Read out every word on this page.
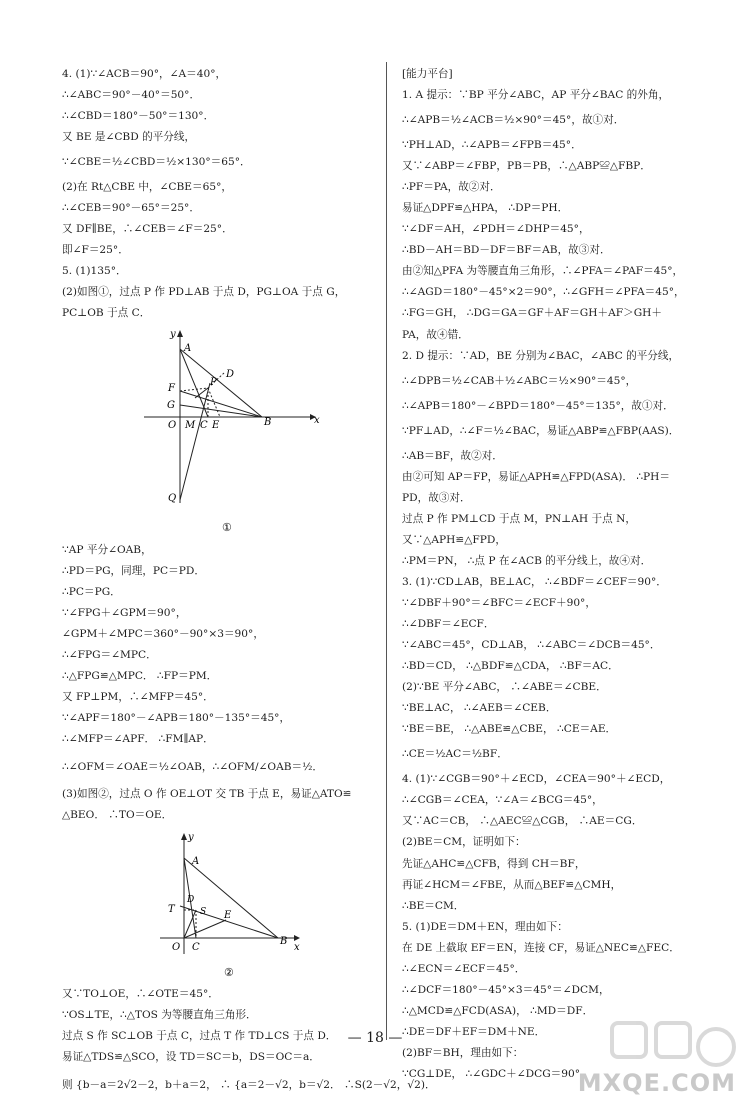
4. (1)∵∠ACB＝90°，∠A＝40°，
∴∠ABC＝90°－40°＝50°．
∴∠CBD＝180°－50°＝130°．
又 BE 是∠CBD 的平分线，
∵∠CBE＝½∠CBD＝½×130°＝65°．
(2)在 Rt△CBE 中，∠CBE＝65°，
∴∠CEB＝90°－65°＝25°．
又 DF∥BE，∴∠CEB＝∠F＝25°．
即∠F＝25°．
5. (1)135°．
(2)如图①，过点 P 作 PD⊥AB 于点 D，PG⊥OA 于点 G，
PC⊥OB 于点 C．
y
A
D
F
P
G
O M C E	B	x
Q
①
∵AP 平分∠OAB，
∴PD＝PG，同理，PC＝PD．
∴PC＝PG．
∵∠FPG＋∠GPM＝90°，
∠GPM＋∠MPC＝360°－90°×3＝90°，
∴∠FPG＝∠MPC．
∴△FPG≌△MPC． ∴FP＝PM．
又 FP⊥PM，∴∠MFP＝45°．
∵∠APF＝180°－∠APB＝180°－135°＝45°，
∴∠MFP＝∠APF． ∴FM∥AP．
∴∠OFM＝∠OAE＝½∠OAB，∴∠OFM/∠OAB＝½．
(3)如图②，过点 O 作 OE⊥OT 交 TB 于点 E，易证△ATO≌
△BEO． ∴TO＝OE．
y
A
D
T	S E
O C
B
x
②
又∵TO⊥OE，∴∠OTE＝45°．
∵OS⊥TE，∴△TOS 为等腰直角三角形．
过点 S 作 SC⊥OB 于点 C，过点 T 作 TD⊥CS 于点 D．
易证△TDS≌△SCO，设 TD＝SC＝b，DS＝OC＝a．
则 {b－a＝2√2－2，b＋a＝2， ∴ {a＝2－√2，b＝√2． ∴S(2－√2，√2)．
[能力平台]
1. A 提示：∵BP 平分∠ABC，AP 平分∠BAC 的外角，
∴∠APB＝½∠ACB＝½×90°＝45°，故①对．
∵PH⊥AD，∴∠APB＝∠FPB＝45°．
又∵∠ABP＝∠FBP，PB＝PB，∴△ABP≌△FBP．
∴PF＝PA，故②对．
易证△DPF≌△HPA， ∴DP＝PH．
∵∠DF＝AH，∠PDH＝∠DHP＝45°，
∴BD－AH＝BD－DF＝BF＝AB，故③对．
由②知△PFA 为等腰直角三角形，∴∠PFA＝∠PAF＝45°，
∴∠AGD＝180°－45°×2＝90°，∴∠GFH＝∠PFA＝45°，
∴FG＝GH， ∴DG＝GA＝GF＋AF＝GH＋AF＞GH＋
PA，故④错．
2. D 提示：∵AD，BE 分别为∠BAC，∠ABC 的平分线，
∴∠DPB＝½∠CAB＋½∠ABC＝½×90°＝45°，
∴∠APB＝180°－∠BPD＝180°－45°＝135°，故①对．
∵PF⊥AD，∴∠F＝½∠BAC，易证△ABP≌△FBP(AAS)．
∴AB＝BF，故②对．
由②可知 AP＝FP，易证△APH≌△FPD(ASA)． ∴PH＝
PD，故③对．
过点 P 作 PM⊥CD 于点 M，PN⊥AH 于点 N，
又∵△APH≌△FPD，
∴PM＝PN， ∴点 P 在∠ACB 的平分线上，故④对．
3. (1)∵CD⊥AB，BE⊥AC， ∴∠BDF＝∠CEF＝90°．
∵∠DBF＋90°＝∠BFC＝∠ECF＋90°，
∴∠DBF＝∠ECF．
∵∠ABC＝45°，CD⊥AB， ∴∠ABC＝∠DCB＝45°．
∴BD＝CD， ∴△BDF≌△CDA， ∴BF＝AC．
(2)∵BE 平分∠ABC， ∴∠ABE＝∠CBE．
∵BE⊥AC， ∴∠AEB＝∠CEB．
∵BE＝BE， ∴△ABE≌△CBE， ∴CE＝AE．
∴CE＝½AC＝½BF．
4. (1)∵∠CGB＝90°＋∠ECD，∠CEA＝90°＋∠ECD，
∴∠CGB＝∠CEA，∵∠A＝∠BCG＝45°，
又∵AC＝CB， ∴△AEC≌△CGB， ∴AE＝CG．
(2)BE＝CM，证明如下：
先证△AHC≌△CFB，得到 CH＝BF，
再证∠HCM＝∠FBE，从而△BEF≌△CMH，
∴BE＝CM．
5. (1)DE＝DM＋EN，理由如下：
在 DE 上截取 EF＝EN，连接 CF，易证△NEC≌△FEC．
∴∠ECN＝∠ECF＝45°．
∴∠DCF＝180°－45°×3＝45°＝∠DCM，
∴△MCD≌△FCD(ASA)， ∴MD＝DF．
∴DE＝DF＋EF＝DM＋NE．
(2)BF＝BH，理由如下：
∵CG⊥DE， ∴∠GDC＋∠DCG＝90°．
— 18 —
MXQE.COM
